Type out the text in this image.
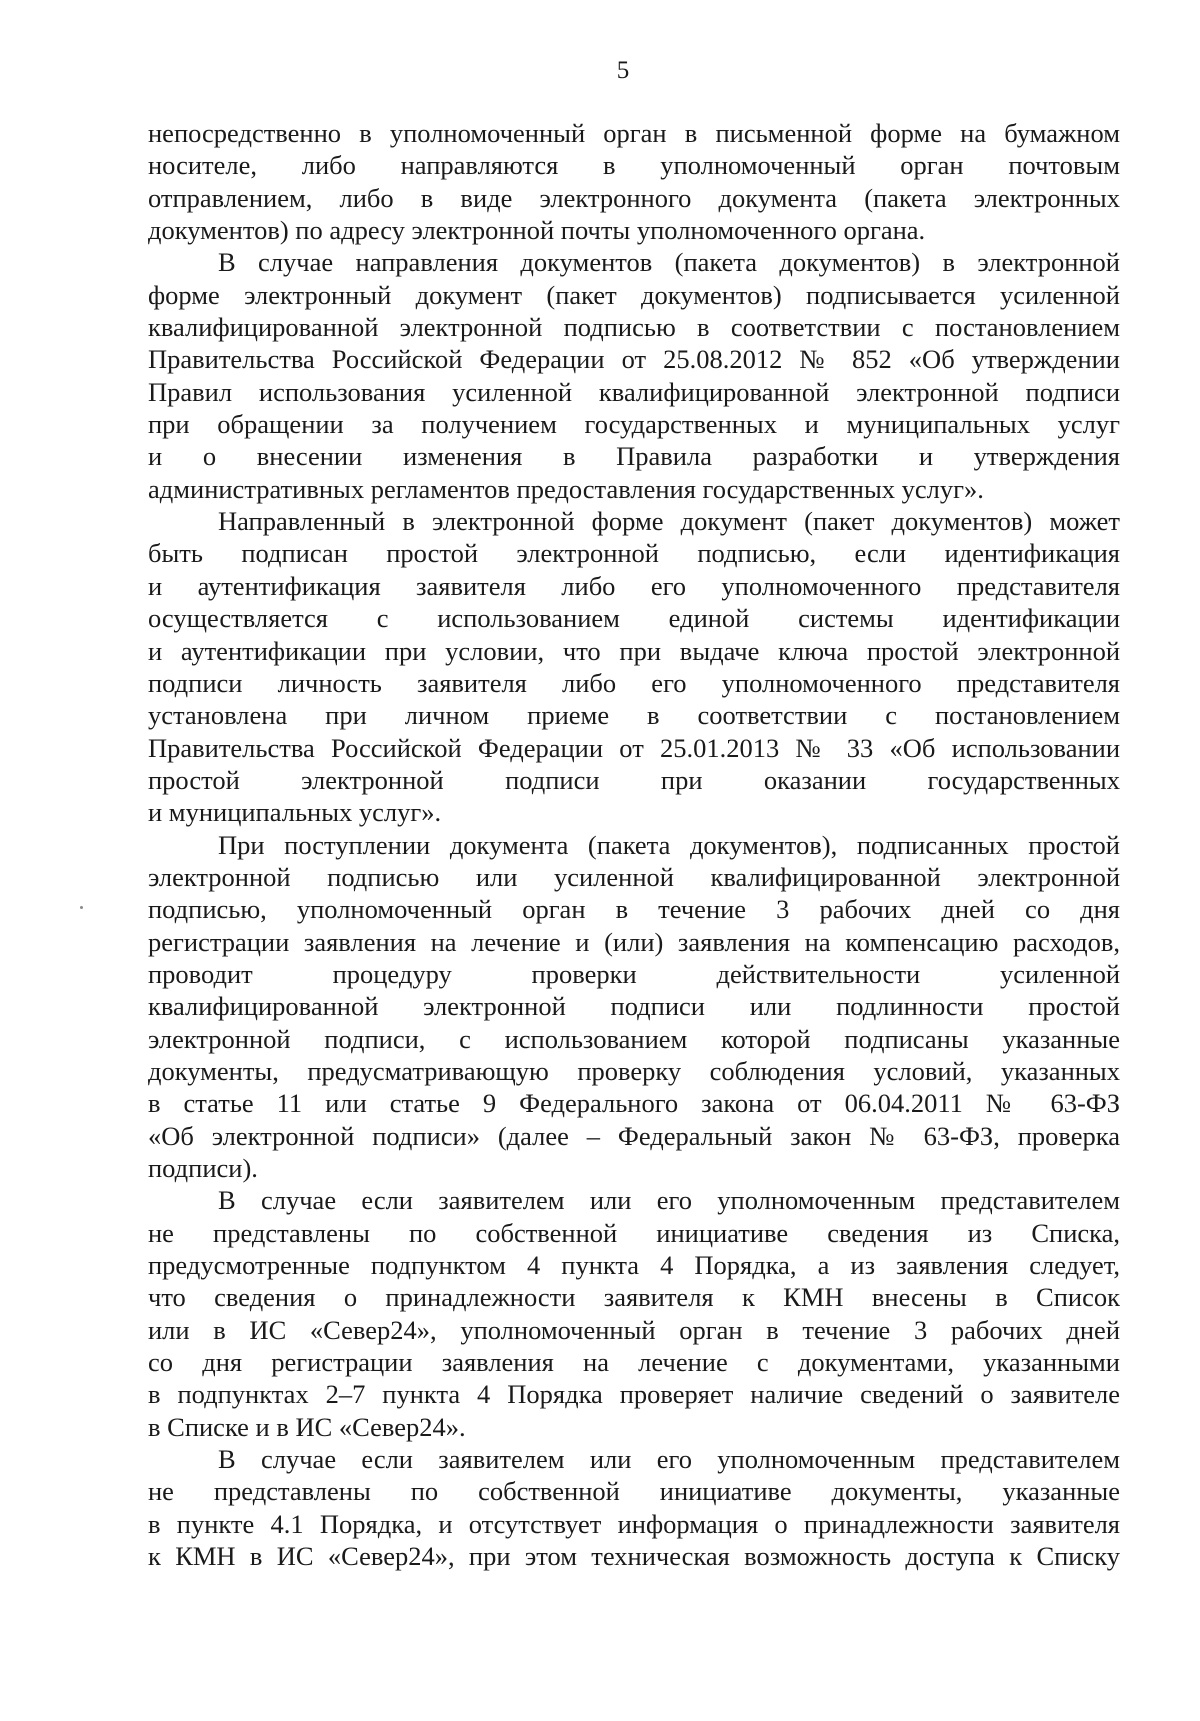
5
непосредственно в уполномоченный орган в письменной форме на бумажном
носителе, либо направляются в уполномоченный орган почтовым
отправлением, либо в виде электронного документа (пакета электронных
документов) по адресу электронной почты уполномоченного органа.
В случае направления документов (пакета документов) в электронной
форме электронный документ (пакет документов) подписывается усиленной
квалифицированной электронной подписью в соответствии с постановлением
Правительства Российской Федерации от 25.08.2012 № 852 «Об утверждении
Правил использования усиленной квалифицированной электронной подписи
при обращении за получением государственных и муниципальных услуг
и о внесении изменения в Правила разработки и утверждения
административных регламентов предоставления государственных услуг».
Направленный в электронной форме документ (пакет документов) может
быть подписан простой электронной подписью, если идентификация
и аутентификация заявителя либо его уполномоченного представителя
осуществляется с использованием единой системы идентификации
и аутентификации при условии, что при выдаче ключа простой электронной
подписи личность заявителя либо его уполномоченного представителя
установлена при личном приеме в соответствии с постановлением
Правительства Российской Федерации от 25.01.2013 № 33 «Об использовании
простой электронной подписи при оказании государственных
и муниципальных услуг».
При поступлении документа (пакета документов), подписанных простой
электронной подписью или усиленной квалифицированной электронной
подписью, уполномоченный орган в течение 3 рабочих дней со дня
регистрации заявления на лечение и (или) заявления на компенсацию расходов,
проводит процедуру проверки действительности усиленной
квалифицированной электронной подписи или подлинности простой
электронной подписи, с использованием которой подписаны указанные
документы, предусматривающую проверку соблюдения условий, указанных
в статье 11 или статье 9 Федерального закона от 06.04.2011 № 63-ФЗ
«Об электронной подписи» (далее – Федеральный закон № 63-ФЗ, проверка
подписи).
В случае если заявителем или его уполномоченным представителем
не представлены по собственной инициативе сведения из Списка,
предусмотренные подпунктом 4 пункта 4 Порядка, а из заявления следует,
что сведения о принадлежности заявителя к КМН внесены в Список
или в ИС «Север24», уполномоченный орган в течение 3 рабочих дней
со дня регистрации заявления на лечение с документами, указанными
в подпунктах 2–7 пункта 4 Порядка проверяет наличие сведений о заявителе
в Списке и в ИС «Север24».
В случае если заявителем или его уполномоченным представителем
не представлены по собственной инициативе документы, указанные
в пункте 4.1 Порядка, и отсутствует информация о принадлежности заявителя
к КМН в ИС «Север24», при этом техническая возможность доступа к Списку
